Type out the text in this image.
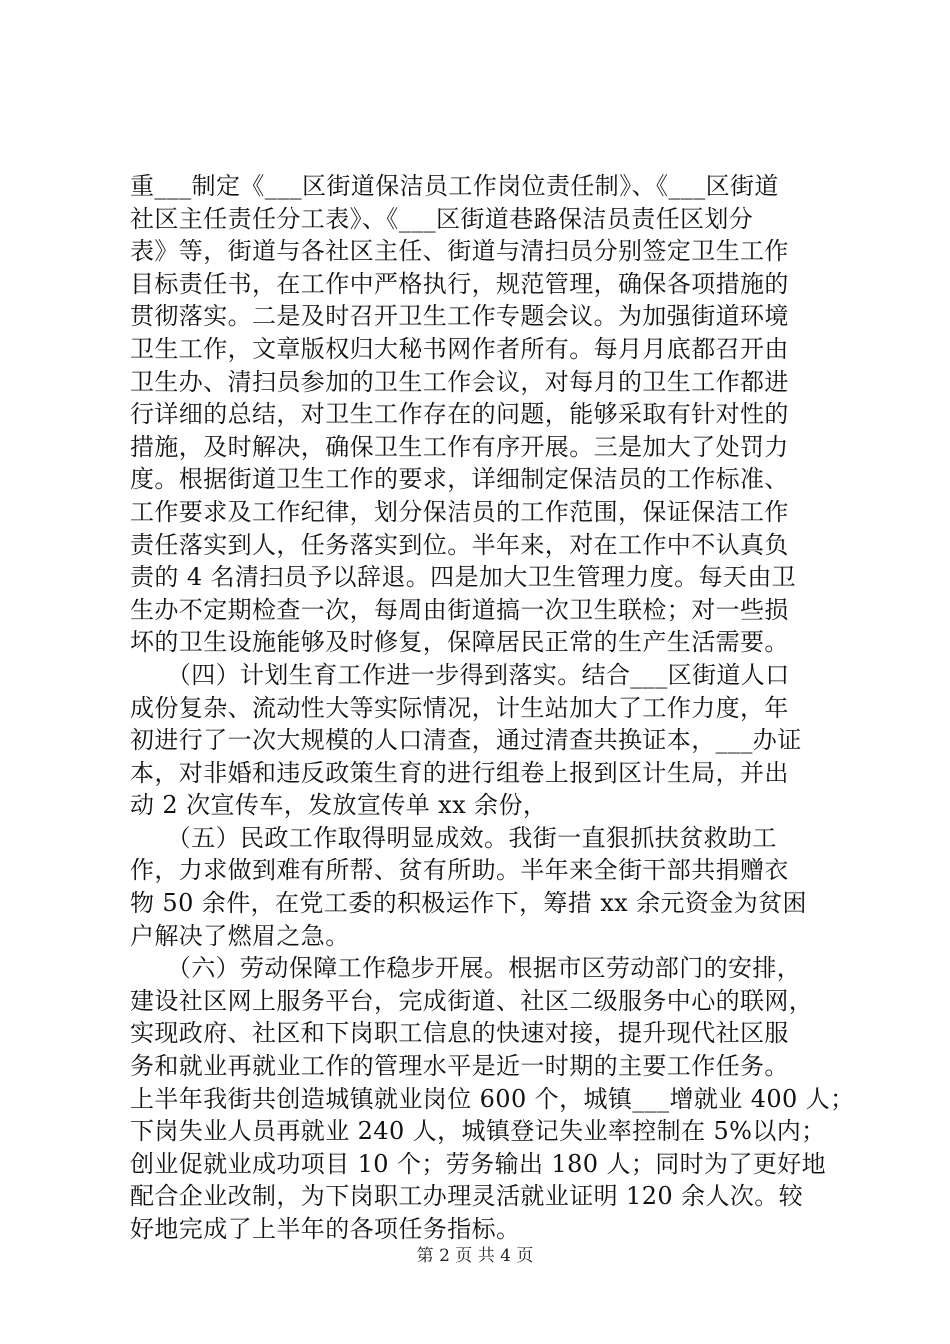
重___制定《___区街道保洁员工作岗位责任制》、《___区街道
社区主任责任分工表》、《___区街道巷路保洁员责任区划分
表》等，街道与各社区主任、街道与清扫员分别签定卫生工作
目标责任书，在工作中严格执行，规范管理，确保各项措施的
贯彻落实。二是及时召开卫生工作专题会议。为加强街道环境
卫生工作，文章版权归大秘书网作者所有。每月月底都召开由
卫生办、清扫员参加的卫生工作会议，对每月的卫生工作都进
行详细的总结，对卫生工作存在的问题，能够采取有针对性的
措施，及时解决，确保卫生工作有序开展。三是加大了处罚力
度。根据街道卫生工作的要求，详细制定保洁员的工作标准、
工作要求及工作纪律，划分保洁员的工作范围，保证保洁工作
责任落实到人，任务落实到位。半年来，对在工作中不认真负
责的 4 名清扫员予以辞退。四是加大卫生管理力度。每天由卫
生办不定期检查一次，每周由街道搞一次卫生联检；对一些损
坏的卫生设施能够及时修复，保障居民正常的生产生活需要。
　　（四）计划生育工作进一步得到落实。结合___区街道人口
成份复杂、流动性大等实际情况，计生站加大了工作力度，年
初进行了一次大规模的人口清查，通过清查共换证本，___办证
本，对非婚和违反政策生育的进行组卷上报到区计生局，并出
动 2 次宣传车，发放宣传单 xx 余份，
　　（五）民政工作取得明显成效。我街一直狠抓扶贫救助工
作，力求做到难有所帮、贫有所助。半年来全街干部共捐赠衣
物 50 余件，在党工委的积极运作下，筹措 xx 余元资金为贫困
户解决了燃眉之急。
　　（六）劳动保障工作稳步开展。根据市区劳动部门的安排，
建设社区网上服务平台，完成街道、社区二级服务中心的联网，
实现政府、社区和下岗职工信息的快速对接，提升现代社区服
务和就业再就业工作的管理水平是近一时期的主要工作任务。
上半年我街共创造城镇就业岗位 600 个，城镇___增就业 400 人；
下岗失业人员再就业 240 人，城镇登记失业率控制在 5%以内；
创业促就业成功项目 10 个；劳务输出 180 人；同时为了更好地
配合企业改制，为下岗职工办理灵活就业证明 120 余人次。较
好地完成了上半年的各项任务指标。
第 2 页 共 4 页
